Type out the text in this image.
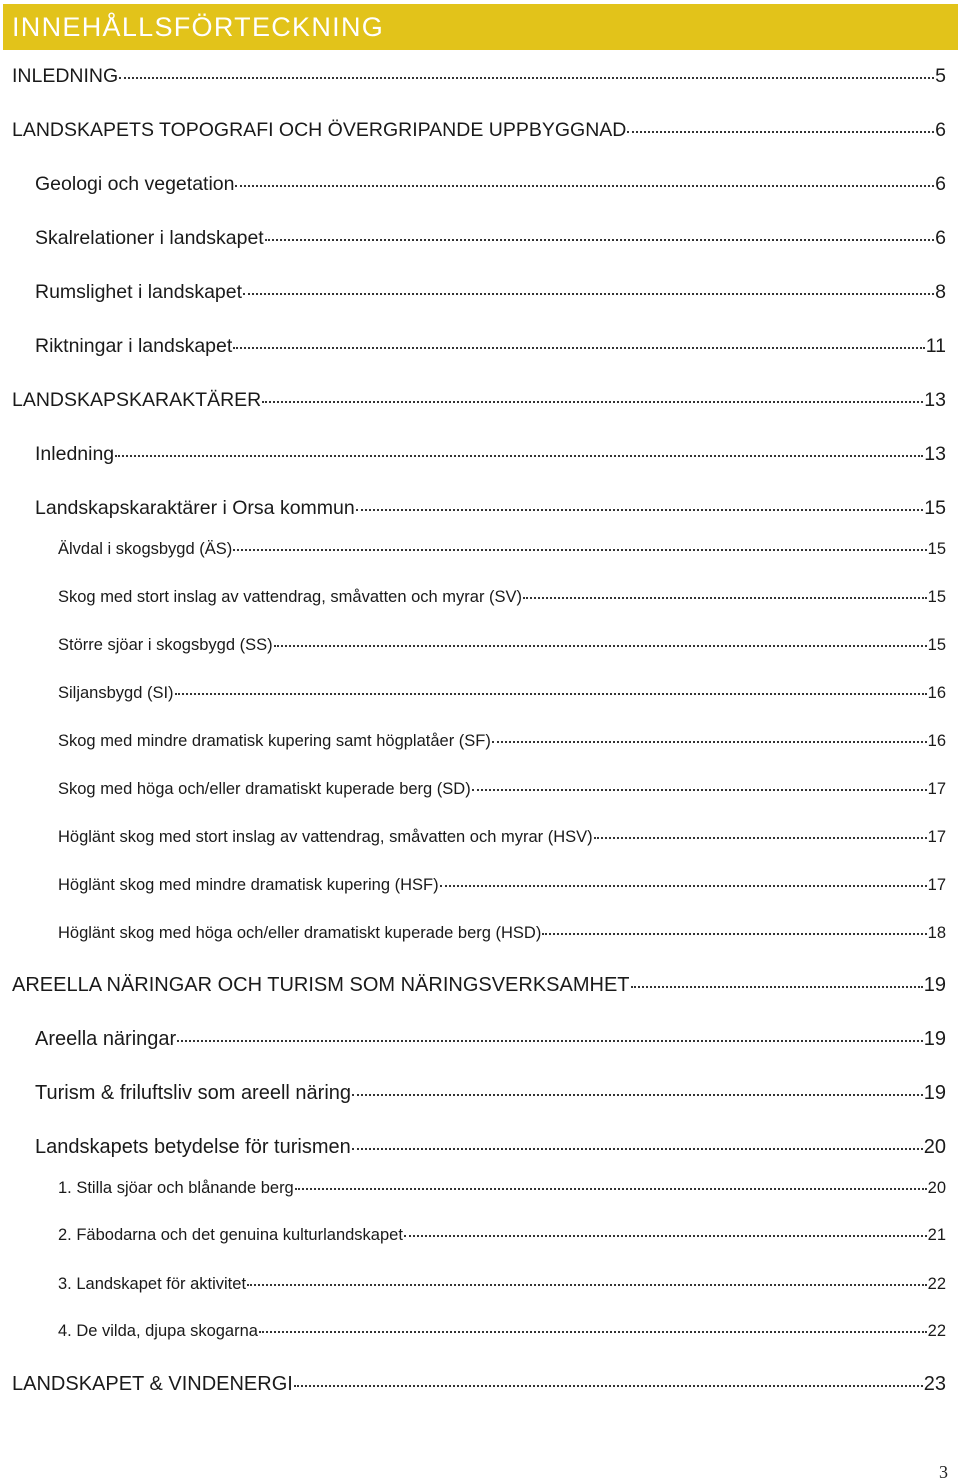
INNEHÅLLSFÖRTECKNING
INLEDNING	5
LANDSKAPETS TOPOGRAFI OCH ÖVERGRIPANDE UPPBYGGNAD	6
Geologi och vegetation	6
Skalrelationer i landskapet	6
Rumslighet i landskapet	8
Riktningar i landskapet	11
LANDSKAPSKARAKTÄRER	13
Inledning	13
Landskapskaraktärer i Orsa kommun	15
Älvdal i skogsbygd (ÄS)	15
Skog med stort inslag av vattendrag, småvatten och myrar (SV)	15
Större sjöar i skogsbygd (SS)	15
Siljansbygd (SI)	16
Skog med mindre dramatisk kupering samt högplatåer (SF)	16
Skog med höga och/eller dramatiskt kuperade berg (SD)	17
Höglänt skog med stort inslag av vattendrag, småvatten och myrar (HSV)	17
Höglänt skog med mindre dramatisk kupering (HSF)	17
Höglänt skog med höga och/eller dramatiskt kuperade berg (HSD)	18
AREELLA NÄRINGAR OCH TURISM SOM NÄRINGSVERKSAMHET	19
Areella näringar	19
Turism & friluftsliv som areell näring	19
Landskapets betydelse för turismen	20
1. Stilla sjöar och blånande berg	20
2. Fäbodarna och det genuina kulturlandskapet	21
3. Landskapet för aktivitet	22
4. De vilda, djupa skogarna	22
LANDSKAPET & VINDENERGI	23
3
